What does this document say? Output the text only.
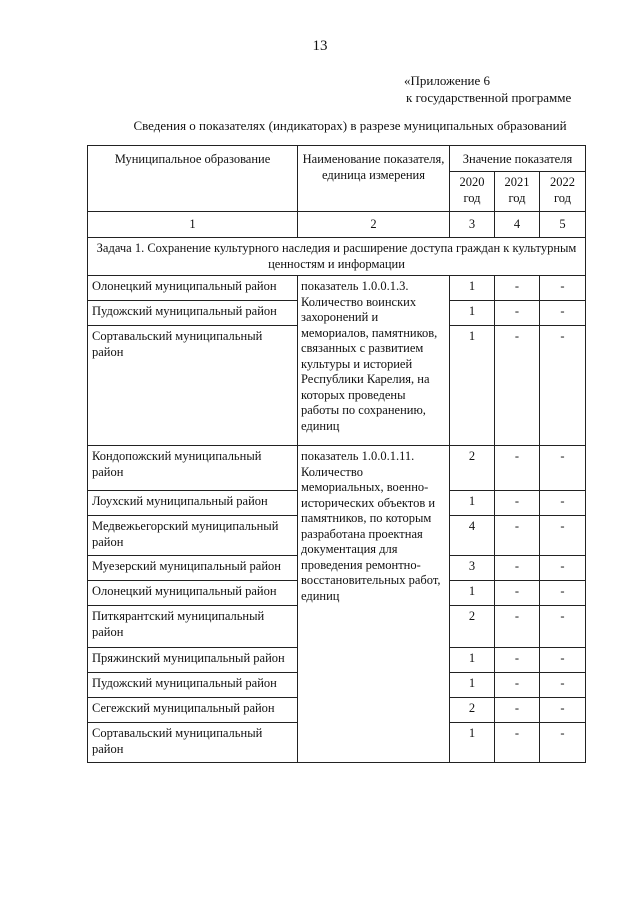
13
«Приложение 6
к государственной программе
Сведения о показателях (индикаторах) в разрезе муниципальных образований
Муниципальное образование	Наименование показателя, единица измерения	Значение показателя		
		2020 год	2021 год	2022 год
1	2	3	4	5
Задача 1. Сохранение культурного наследия и расширение доступа граждан к культурным ценностям и информации				
Олонецкий муниципальный район	показатель 1.0.0.1.3. Количество воинских захоронений и мемориалов, памятников, связанных с развитием культуры и историей Республики Карелия, на которых проведены работы по сохранению, единиц	1	-	-
Пудожский муниципальный район		1	-	-
Сортавальский муниципальный район		1	-	-
Кондопожский муниципальный район	показатель 1.0.0.1.11. Количество мемориальных, военно-исторических объектов и памятников, по которым разработана проектная документация для проведения ремонтно-восстановительных работ, единиц	2	-	-
Лоухский муниципальный район		1	-	-
Медвежьегорский муниципальный район		4	-	-
Муезерский муниципальный район		3	-	-
Олонецкий муниципальный район		1	-	-
Питкярантский муниципальный район		2	-	-
Пряжинский муниципальный район		1	-	-
Пудожский муниципальный район		1	-	-
Сегежский муниципальный район		2	-	-
Сортавальский муниципальный район		1	-	-
